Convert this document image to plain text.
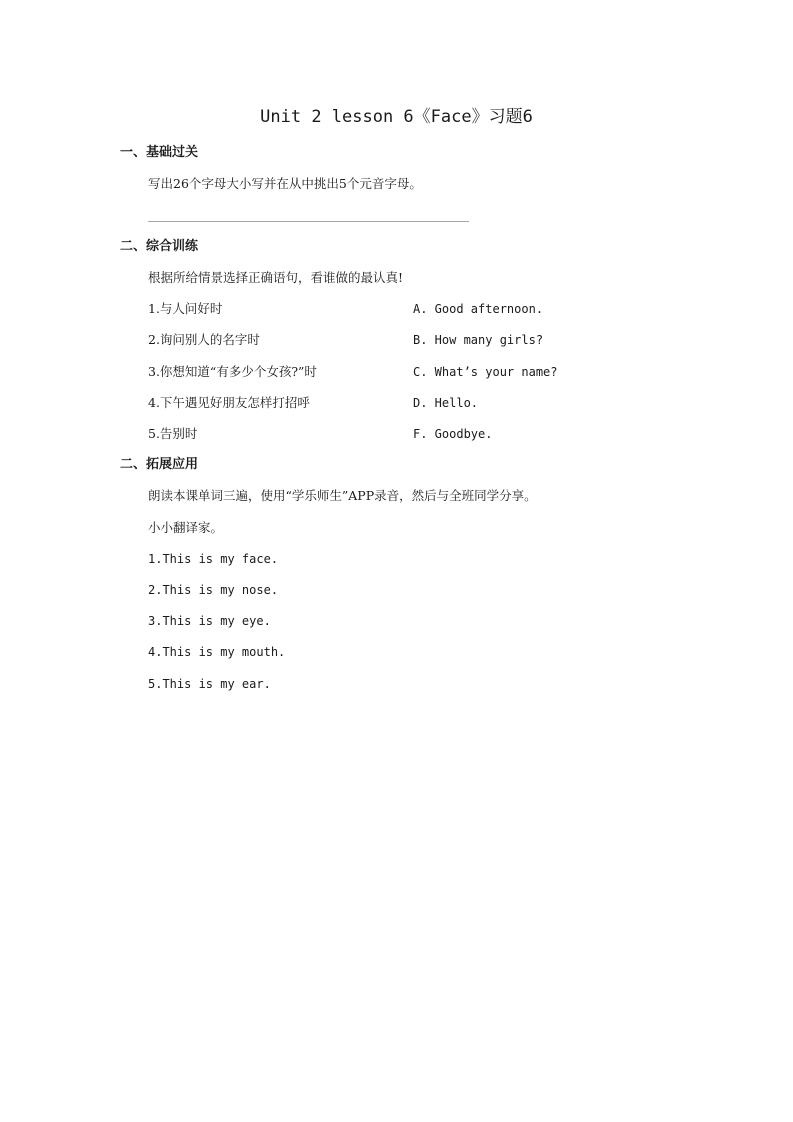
Unit 2 lesson 6《Face》习题6
一、基础过关
写出26个字母大小写并在从中挑出5个元音字母。
二、综合训练
根据所给情景选择正确语句，看谁做的最认真!
1.与人问好时	A. Good afternoon.
2.询问别人的名字时	B. How many girls?
3.你想知道“有多少个女孩?”时	C. What’s your name?
4.下午遇见好朋友怎样打招呼	D. Hello.
5.告别时	F. Goodbye.
二、拓展应用
朗读本课单词三遍，使用“学乐师生”APP录音，然后与全班同学分享。
小小翻译家。
1.This is my face.
2.This is my nose.
3.This is my eye.
4.This is my mouth.
5.This is my ear.
